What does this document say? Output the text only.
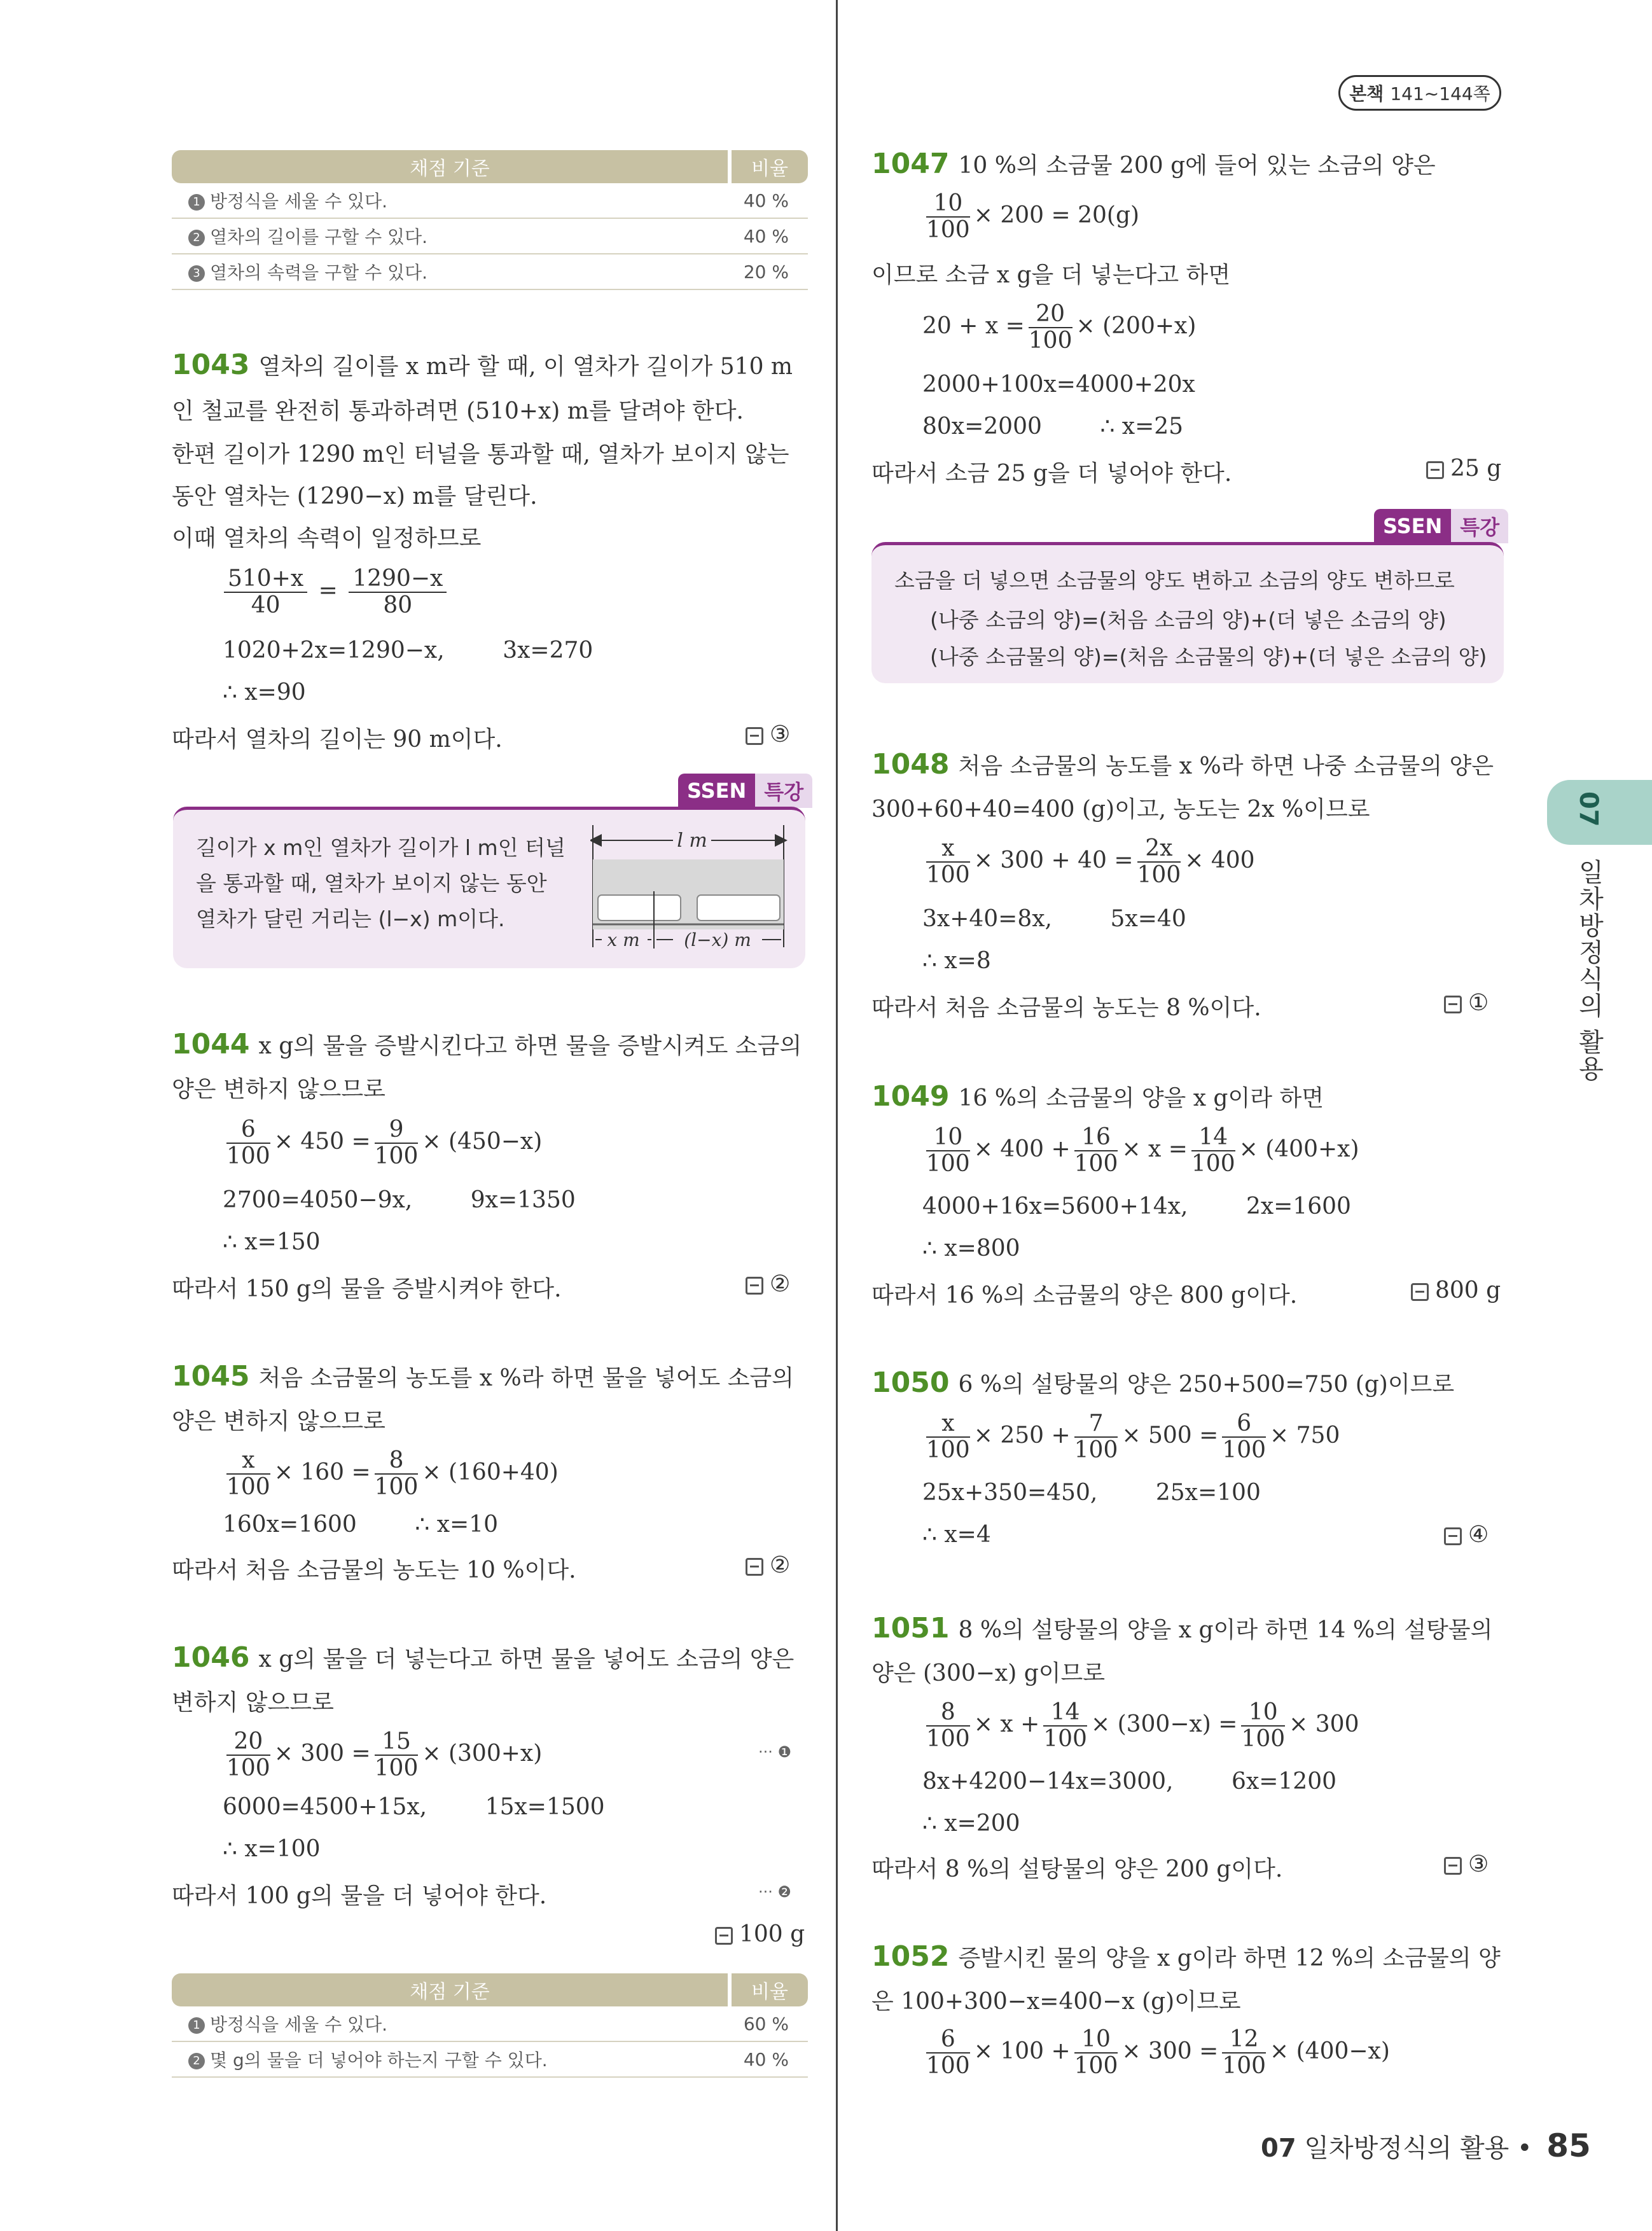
본책 141∼144쪽
07
일차방정식의 활용
채점 기준	비율
1 방정식을 세울 수 있다.	40 %
2 열차의 길이를 구할 수 있다.	40 %
3 열차의 속력을 구할 수 있다.	20 %
1043 열차의 길이를 x m라 할 때, 이 열차가 길이가 510 m
인 철교를 완전히 통과하려면 (510+x) m를 달려야 한다.
한편 길이가 1290 m인 터널을 통과할 때, 열차가 보이지 않는
동안 열차는 (1290−x) m를 달린다.
이때 열차의 속력이 일정하므로
$\frac{510+x}{40} = \frac{1290-x}{80}$
1020+2x=1290−x,        3x=270
∴ x=90
따라서 열차의 길이는 90 m이다.	③
SSEN 특강
길이가 x m인 열차가 길이가 l m인 터널
을 통과할 때, 열차가 보이지 않는 동안
열차가 달린 거리는 (l−x) m이다.
l m
x m (l−x) m
1044 x g의 물을 증발시킨다고 하면 물을 증발시켜도 소금의
양은 변하지 않으므로
$\frac{6}{100} \times 450 = \frac{9}{100} \times (450-x)$
2700=4050−9x,        9x=1350
∴ x=150
따라서 150 g의 물을 증발시켜야 한다.	②
1045 처음 소금물의 농도를 x %라 하면 물을 넣어도 소금의
양은 변하지 않으므로
$\frac{x}{100} \times 160 = \frac{8}{100} \times (160+40)$
160x=1600        ∴ x=10
따라서 처음 소금물의 농도는 10 %이다.	②
1046 x g의 물을 더 넣는다고 하면 물을 넣어도 소금의 양은
변하지 않으므로
$\frac{20}{100} \times 300 = \frac{15}{100} \times (300+x)$	··· ❶
6000=4500+15x,        15x=1500
∴ x=100
따라서 100 g의 물을 더 넣어야 한다.	··· ❷
100 g
채점 기준	비율
1 방정식을 세울 수 있다.	60 %
2 몇 g의 물을 더 넣어야 하는지 구할 수 있다.	40 %
1047 10 %의 소금물 200 g에 들어 있는 소금의 양은
$\frac{10}{100} \times 200 = 20(g)$
이므로 소금 x g을 더 넣는다고 하면
$20 + x = \frac{20}{100} \times (200+x)$
2000+100x=4000+20x
80x=2000        ∴ x=25
따라서 소금 25 g을 더 넣어야 한다.	25 g
SSEN 특강
소금을 더 넣으면 소금물의 양도 변하고 소금의 양도 변하므로
(나중 소금의 양)=(처음 소금의 양)+(더 넣은 소금의 양)
(나중 소금물의 양)=(처음 소금물의 양)+(더 넣은 소금의 양)
1048 처음 소금물의 농도를 x %라 하면 나중 소금물의 양은
300+60+40=400 (g)이고, 농도는 2x %이므로
$\frac{x}{100} \times 300 + 40 = \frac{2x}{100} \times 400$
3x+40=8x,        5x=40
∴ x=8
따라서 처음 소금물의 농도는 8 %이다.	①
1049 16 %의 소금물의 양을 x g이라 하면
$\frac{10}{100} \times 400 + \frac{16}{100} \times x = \frac{14}{100} \times (400+x)$
4000+16x=5600+14x,        2x=1600
∴ x=800
따라서 16 %의 소금물의 양은 800 g이다.	800 g
1050 6 %의 설탕물의 양은 250+500=750 (g)이므로
$\frac{x}{100} \times 250 + \frac{7}{100} \times 500 = \frac{6}{100} \times 750$
25x+350=450,        25x=100
∴ x=4	④
1051 8 %의 설탕물의 양을 x g이라 하면 14 %의 설탕물의
양은 (300−x) g이므로
$\frac{8}{100} \times x + \frac{14}{100} \times (300-x) = \frac{10}{100} \times 300$
8x+4200−14x=3000,        6x=1200
∴ x=200
따라서 8 %의 설탕물의 양은 200 g이다.	③
1052 증발시킨 물의 양을 x g이라 하면 12 %의 소금물의 양
은 100+300−x=400−x (g)이므로
$\frac{6}{100} \times 100 + \frac{10}{100} \times 300 = \frac{12}{100} \times (400-x)$
07 일차방정식의 활용 • 85
